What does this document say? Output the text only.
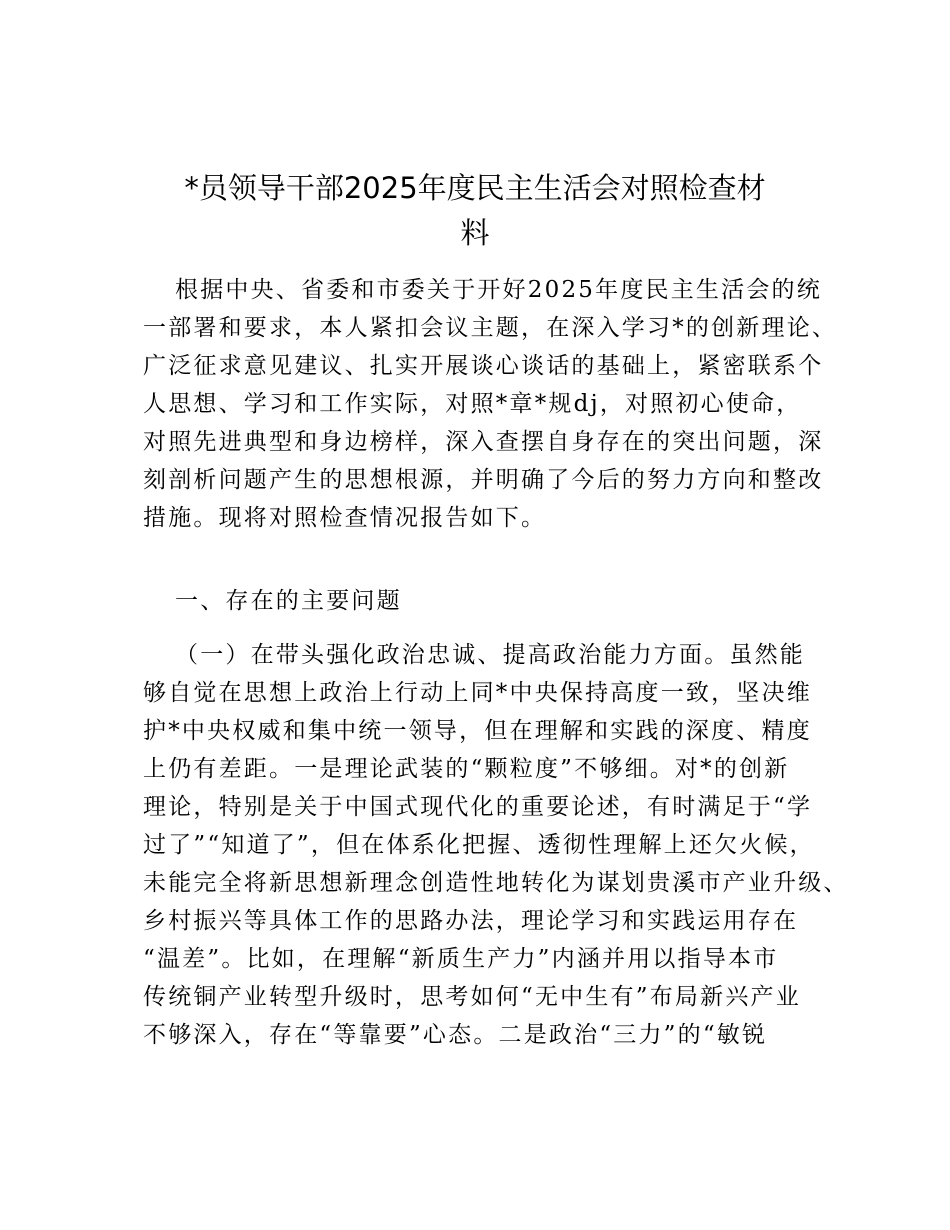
*员领导干部2025年度民主生活会对照检查材
料
根据中央、省委和市委关于开好2025年度民主生活会的统
一部署和要求，本人紧扣会议主题，在深入学习*的创新理论、
广泛征求意见建议、扎实开展谈心谈话的基础上，紧密联系个
人思想、学习和工作实际，对照*章*规dj，对照初心使命，
对照先进典型和身边榜样，深入查摆自身存在的突出问题，深
刻剖析问题产生的思想根源，并明确了今后的努力方向和整改
措施。现将对照检查情况报告如下。
一、存在的主要问题
（一）在带头强化政治忠诚、提高政治能力方面。虽然能
够自觉在思想上政治上行动上同*中央保持高度一致，坚决维
护*中央权威和集中统一领导，但在理解和实践的深度、精度
上仍有差距。一是理论武装的“颗粒度”不够细。对*的创新
理论，特别是关于中国式现代化的重要论述，有时满足于“学
过了”“知道了”，但在体系化把握、透彻性理解上还欠火候，
未能完全将新思想新理念创造性地转化为谋划贵溪市产业升级、
乡村振兴等具体工作的思路办法，理论学习和实践运用存在
“温差”。比如，在理解“新质生产力”内涵并用以指导本市
传统铜产业转型升级时，思考如何“无中生有”布局新兴产业
不够深入，存在“等靠要”心态。二是政治“三力”的“敏锐
